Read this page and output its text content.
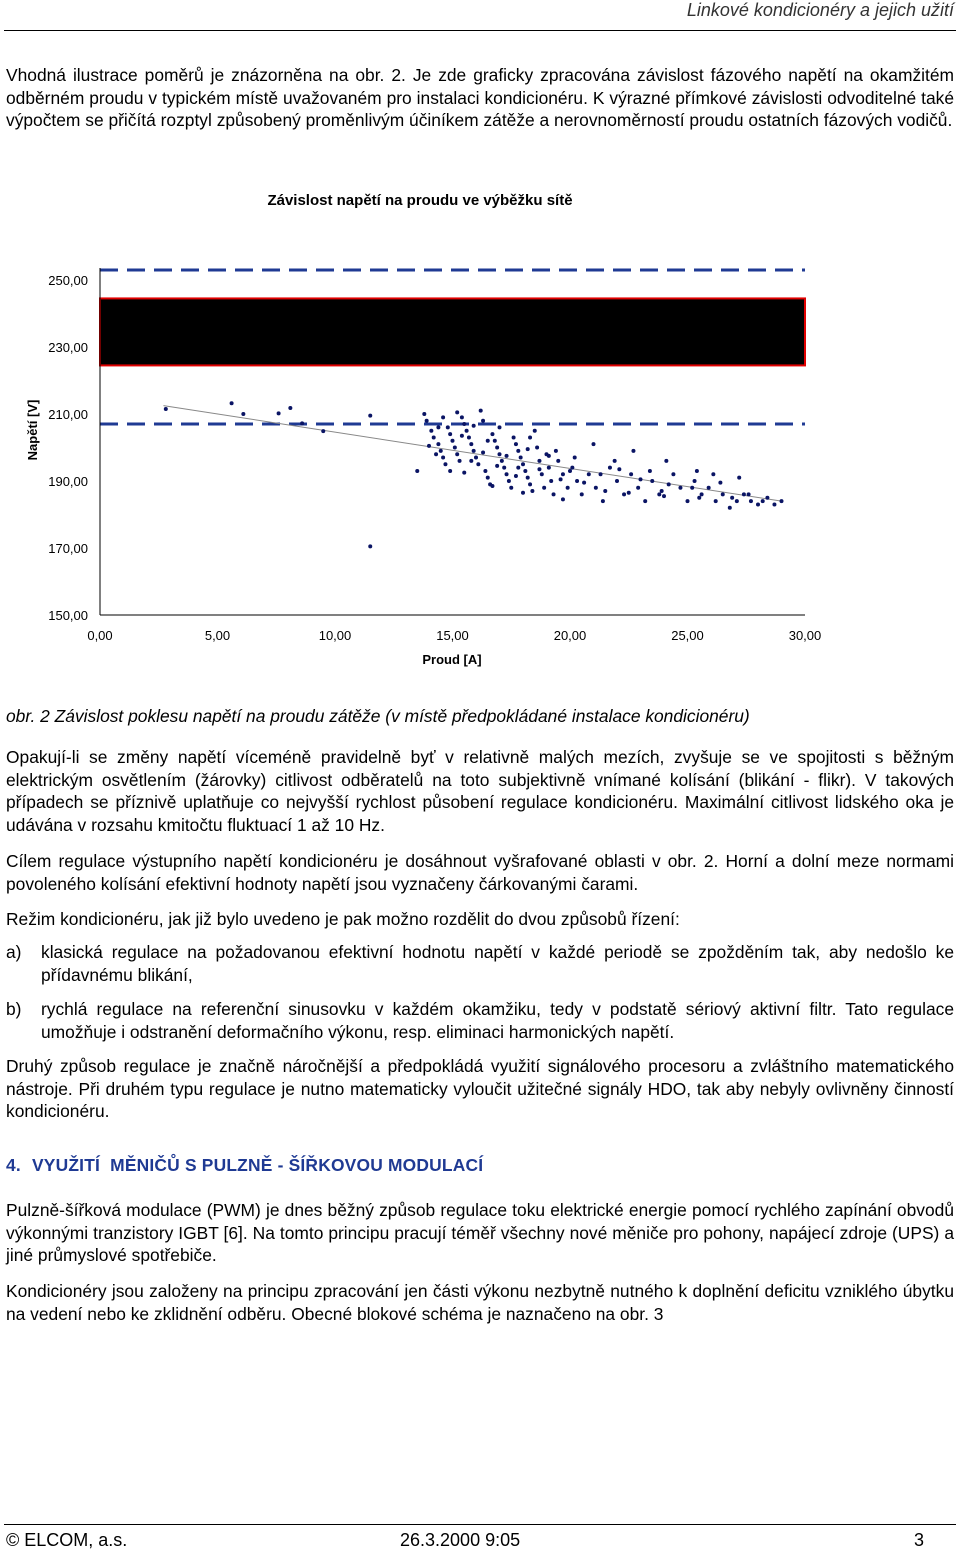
Linkové kondicionéry a jejich užití

Vhodná ilustrace poměrů je znázorněna na obr. 2. Je zde graficky zpracována závislost fázového napětí na okamžitém odběrném proudu v typickém místě uvažovaném pro instalaci kondicionéru. K výrazné přímkové závislosti odvoditelné také výpočtem se přičítá rozptyl způsobený proměnlivým účiníkem zátěže a nerovnoměrností proudu ostatních fázových vodičů.

Závislost napětí na proudu ve výběžku sítě
250,00
230,00
210,00
190,00
170,00
150,00
0,00	5,00	10,00	15,00	20,00	25,00	30,00
Proud [A]
Napětí [V]
obr. 2 Závislost poklesu napětí na proudu zátěže (v místě předpokládané instalace kondicionéru)

Opakují-li se změny napětí víceméně pravidelně byť v relativně malých mezích, zvyšuje se ve spojitosti s běžným elektrickým osvětlením (žárovky) citlivost odběratelů na toto subjektivně vnímané kolísání (blikání - flikr). V takových případech se příznivě uplatňuje co nejvyšší rychlost působení regulace kondicionéru. Maximální citlivost lidského oka je udávána v rozsahu kmitočtu fluktuací 1 až 10 Hz.

Cílem regulace výstupního napětí kondicionéru je dosáhnout vyšrafované oblasti v obr. 2. Horní a dolní meze normami povoleného kolísání efektivní hodnoty napětí jsou vyznačeny čárkovanými čarami.

Režim kondicionéru, jak již bylo uvedeno je pak možno rozdělit do dvou způsobů řízení:

a) klasická regulace na požadovanou efektivní hodnotu napětí v každé periodě se zpožděním tak, aby nedošlo ke přídavnému blikání,
b) rychlá regulace na referenční sinusovku v každém okamžiku, tedy v podstatě sériový aktivní filtr. Tato regulace umožňuje i odstranění deformačního výkonu, resp. eliminaci harmonických napětí.

Druhý způsob regulace je značně náročnější a předpokládá využití signálového procesoru a zvláštního matematického nástroje. Při druhém typu regulace je nutno matematicky vyloučit užitečné signály HDO, tak aby nebyly ovlivněny činností kondicionéru.

4. VYUŽITÍ  MĚNIČŮ S PULZNĚ - ŠÍŘKOVOU MODULACÍ

Pulzně-šířková modulace (PWM) je dnes běžný způsob regulace toku elektrické energie pomocí rychlého zapínání obvodů výkonnými tranzistory IGBT [6]. Na tomto principu pracují téměř všechny nové měniče pro pohony, napájecí zdroje (UPS) a jiné průmyslové spotřebiče.

Kondicionéry jsou založeny na principu zpracování jen části výkonu nezbytně nutného k doplnění deficitu vzniklého úbytku na vedení nebo ke zklidnění odběru. Obecné blokové schéma je naznačeno na obr. 3

© ELCOM, a.s.	26.3.2000 9:05	3
